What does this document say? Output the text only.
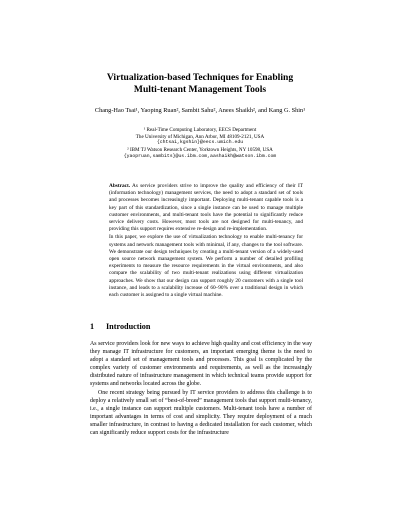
Virtualization-based Techniques for Enabling
Multi-tenant Management Tools
Chang-Hao Tsai¹, Yaoping Ruan², Sambit Sahu², Anees Shaikh², and Kang G. Shin¹
¹ Real-Time Computing Laboratory, EECS Department
The University of Michigan, Ann Arbor, MI 48109-2121, USA
{chtsai,kgshin}@eecs.umich.edu
² IBM TJ Watson Research Center, Yorktown Heights, NY 10598, USA
{yaopruan,sambits}@us.ibm.com,aashaikh@watson.ibm.com

Abstract. As service providers strive to improve the quality and efficiency of their IT (information technology) management services, the need to adopt a standard set of tools and processes becomes increasingly important. Deploying multi-tenant capable tools is a key part of this standardization, since a single instance can be used to manage multiple customer environments, and multi-tenant tools have the potential to significantly reduce service delivery costs. However, most tools are not designed for multi-tenancy, and providing this support requires extensive re-design and re-implementation.

In this paper, we explore the use of virtualization technology to enable multi-tenancy for systems and network management tools with minimal, if any, changes to the tool software. We demonstrate our design techniques by creating a multi-tenant version of a widely-used open source network management system. We perform a number of detailed profiling experiments to measure the resource requirements in the virtual environments, and also compare the scalability of two multi-tenant realizations using different virtualization approaches. We show that our design can support roughly 20 customers with a single tool instance, and leads to a scalability increase of 60–90% over a traditional design in which each customer is assigned to a single virtual machine.

1 Introduction

As service providers look for new ways to achieve high quality and cost efficiency in the way they manage IT infrastructure for customers, an important emerging theme is the need to adopt a standard set of management tools and processes. This goal is complicated by the complex variety of customer environments and requirements, as well as the increasingly distributed nature of infrastructure management in which technical teams provide support for systems and networks located across the globe.

One recent strategy being pursued by IT service providers to address this challenge is to deploy a relatively small set of “best-of-breed” management tools that support multi-tenancy, i.e., a single instance can support multiple customers. Multi-tenant tools have a number of important advantages in terms of cost and simplicity. They require deployment of a much smaller infrastructure, in contrast to having a dedicated installation for each customer, which can significantly reduce support costs for the infrastructure
